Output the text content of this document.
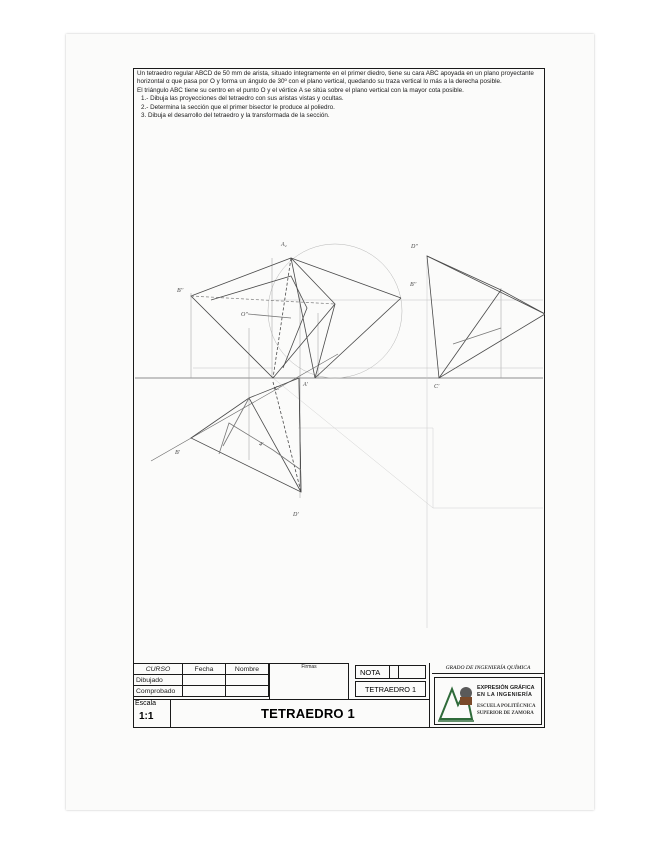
Un tetraedro regular ABCD de 50 mm de arista, situado íntegramente en el primer diedro, tiene su cara ABC apoyada en un plano proyectante horizontal α que pasa por O y forma un ángulo de 30º con el plano vertical, quedando su traza vertical lo más a la derecha posible.

El triángulo ABC tiene su centro en el punto O y el vértice A se sitúa sobre el plano vertical con la mayor cota posible.

1.- Dibuja las proyecciones del tetraedro con sus aristas vistas y ocultas.

2.- Determina la sección que el primer bisector le produce al poliedro.

3. Dibuja el desarrollo del tetraedro y la transformada de la sección.

A₂	D''
B''
B''
O''
C'
C'
A'
D'
B'
4'
CURSO	Fecha	Nombre
Dibujado		
Comprobado		
Firmas
NOTA
TETRAEDRO 1
Escala
1:1	TETRAEDRO 1
GRADO DE INGENIERÍA QUÍMICA
EXPRESIÓN GRÁFICA
EN LA INGENIERÍA
ESCUELA POLITÉCNICA
SUPERIOR DE ZAMORA
